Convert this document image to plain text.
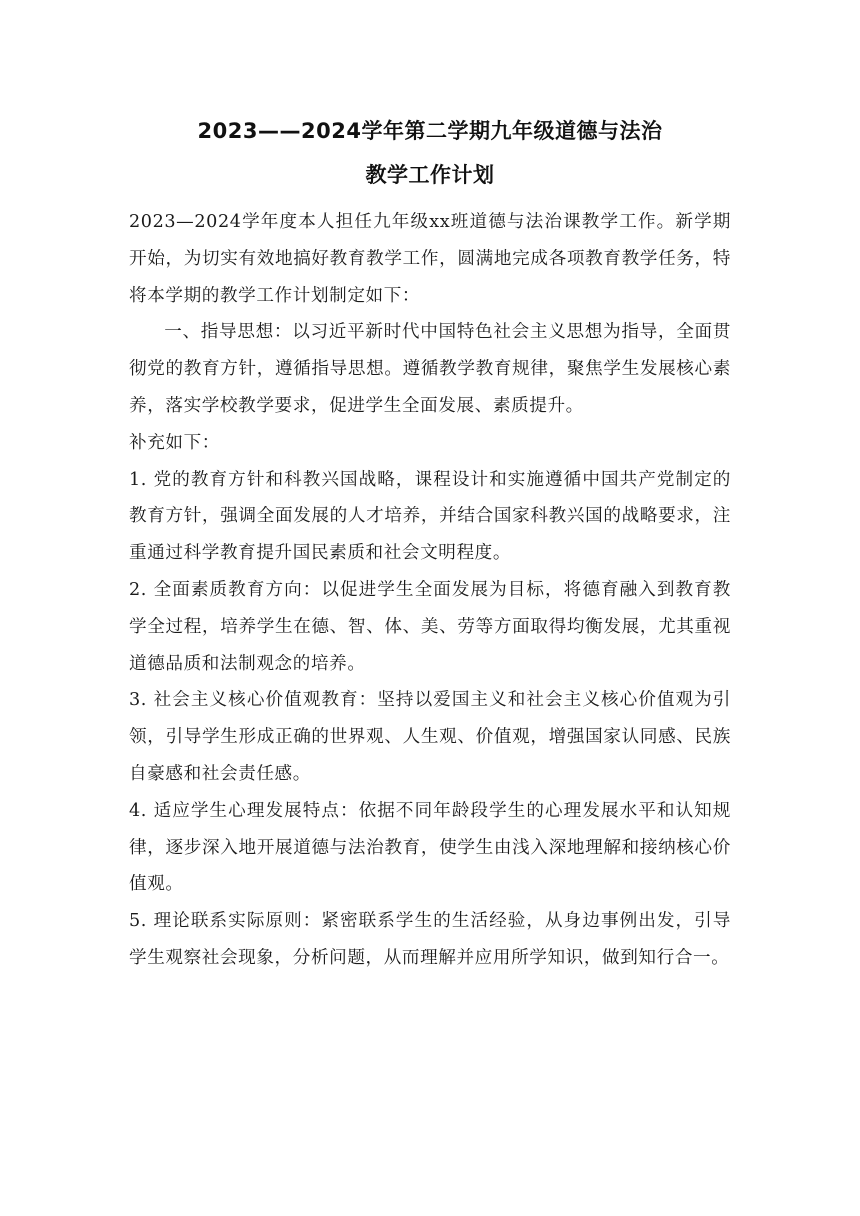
2023——2024学年第二学期九年级道德与法治
教学工作计划

2023—2024学年度本人担任九年级xx班道德与法治课教学工作。新学期开始，为切实有效地搞好教育教学工作，圆满地完成各项教育教学任务，特将本学期的教学工作计划制定如下：

一、指导思想：以习近平新时代中国特色社会主义思想为指导，全面贯彻党的教育方针，遵循指导思想。遵循教学教育规律，聚焦学生发展核心素养，落实学校教学要求，促进学生全面发展、素质提升。

补充如下：

1. 党的教育方针和科教兴国战略，课程设计和实施遵循中国共产党制定的教育方针，强调全面发展的人才培养，并结合国家科教兴国的战略要求，注重通过科学教育提升国民素质和社会文明程度。

2. 全面素质教育方向：以促进学生全面发展为目标，将德育融入到教育教学全过程，培养学生在德、智、体、美、劳等方面取得均衡发展，尤其重视道德品质和法制观念的培养。

3. 社会主义核心价值观教育：坚持以爱国主义和社会主义核心价值观为引领，引导学生形成正确的世界观、人生观、价值观，增强国家认同感、民族自豪感和社会责任感。

4. 适应学生心理发展特点：依据不同年龄段学生的心理发展水平和认知规律，逐步深入地开展道德与法治教育，使学生由浅入深地理解和接纳核心价值观。

5. 理论联系实际原则：紧密联系学生的生活经验，从身边事例出发，引导学生观察社会现象，分析问题，从而理解并应用所学知识，做到知行合一。
